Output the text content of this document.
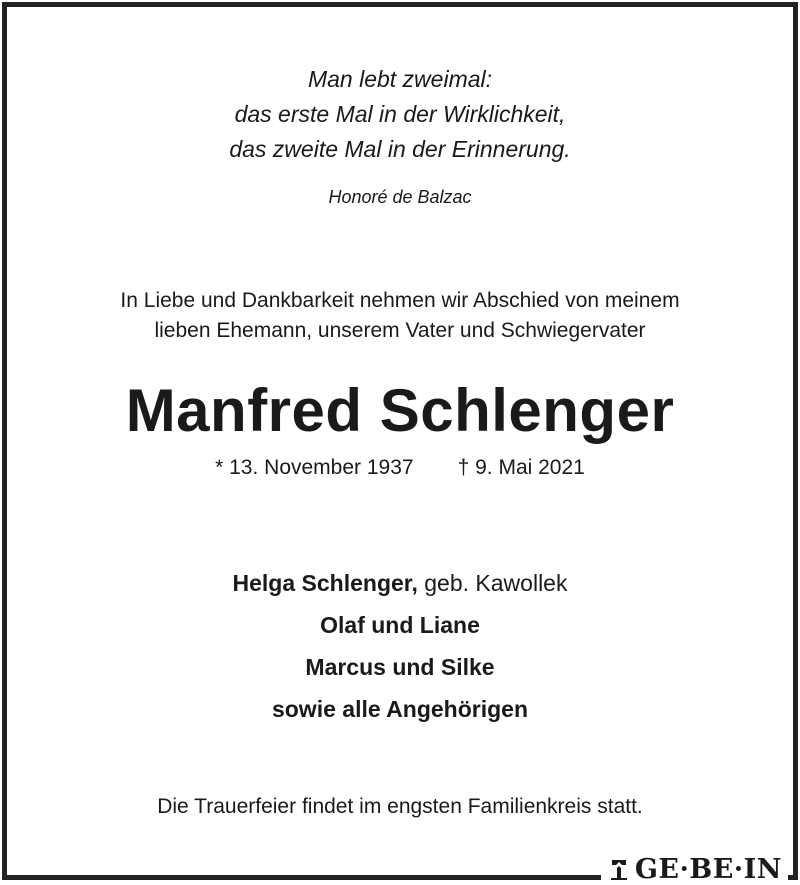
Man lebt zweimal:
das erste Mal in der Wirklichkeit,
das zweite Mal in der Erinnerung.
Honoré de Balzac
In Liebe und Dankbarkeit nehmen wir Abschied von meinem
lieben Ehemann, unserem Vater und Schwiegervater
Manfred Schlenger
* 13. November 1937 † 9. Mai 2021
Helga Schlenger, geb. Kawollek
Olaf und Liane
Marcus und Silke
sowie alle Angehörigen
Die Trauerfeier findet im engsten Familienkreis statt.
GE·BE·IN
